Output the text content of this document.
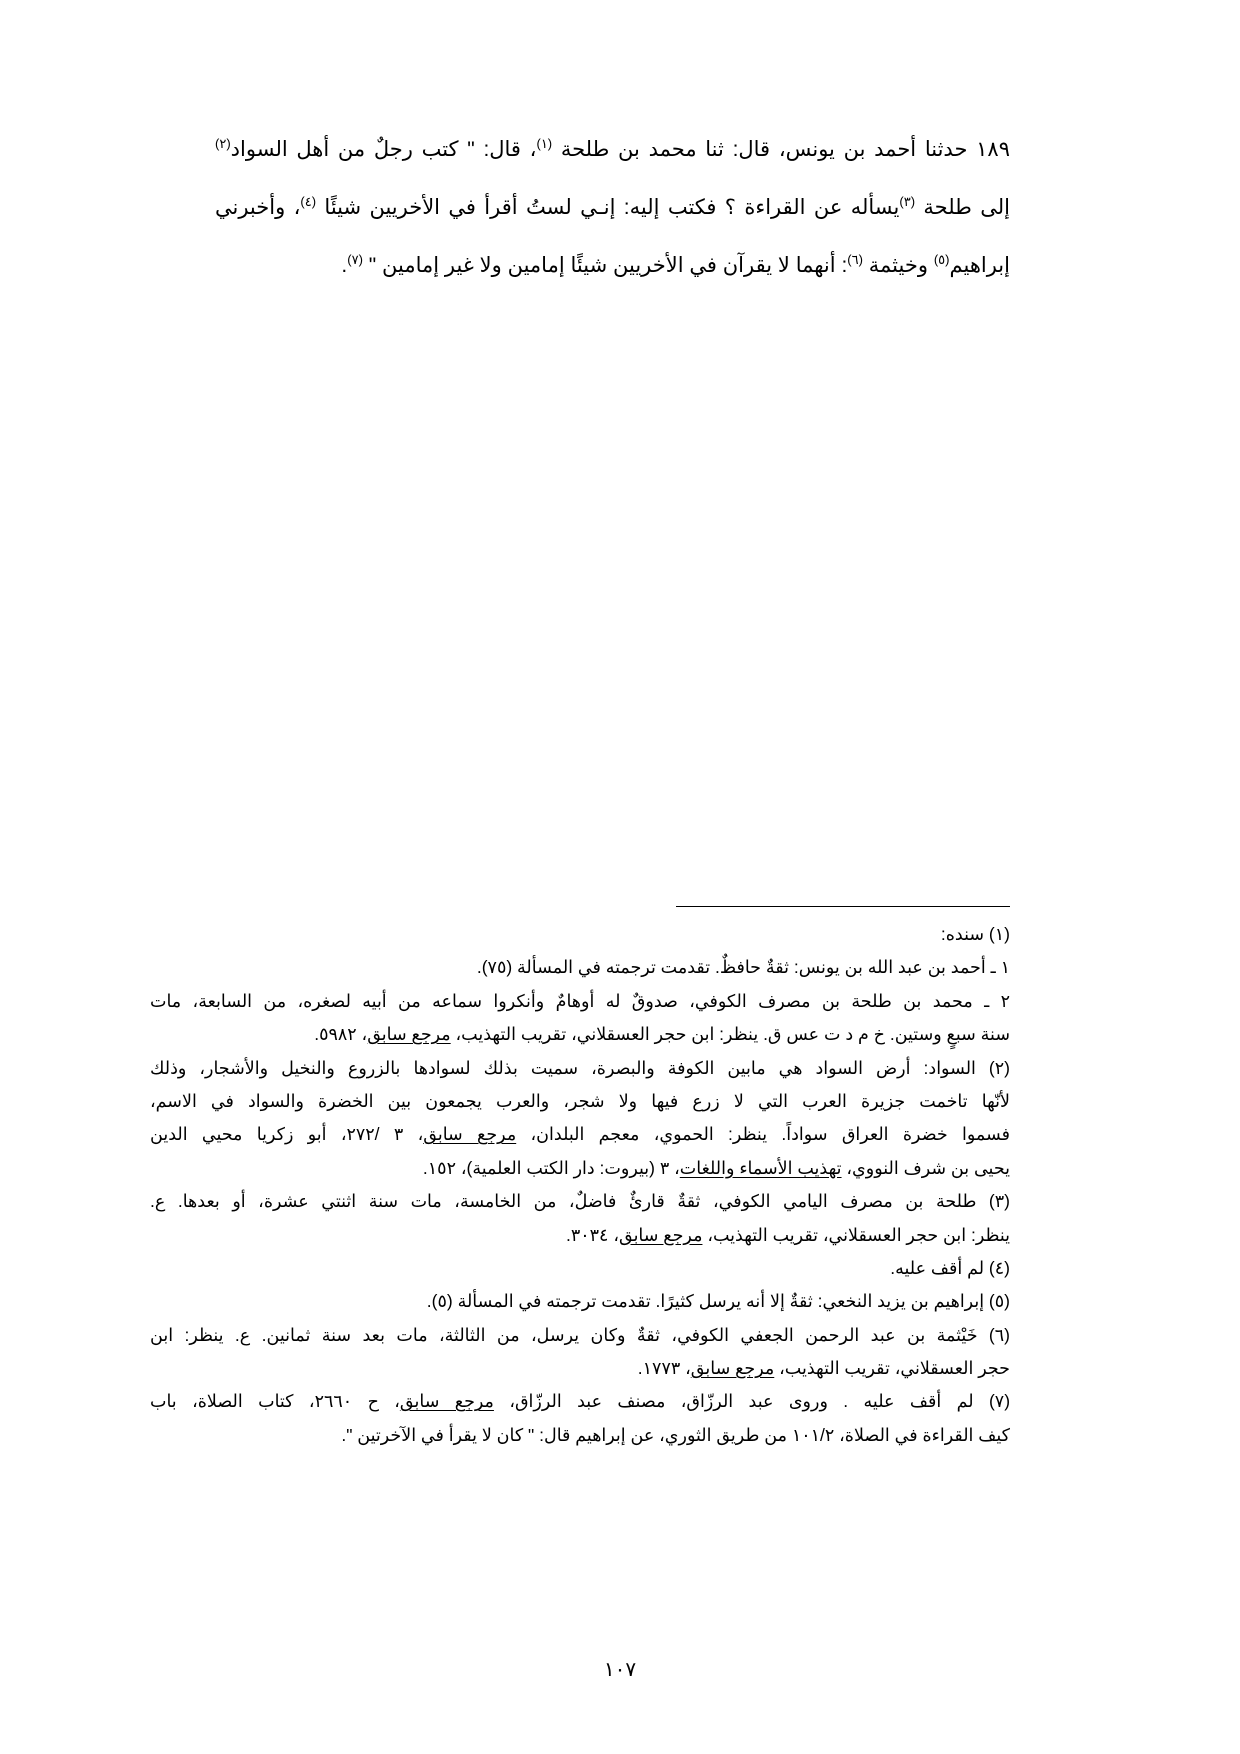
١٨٩ حدثنا أحمد بن يونس، قال: ثنا محمد بن طلحة $^{(١)}$، قال: " كتب رجلٌ من أهل السواد$^{(٢)}$
إلى طلحة $^{(٣)}$يسأله عن القراءة ؟ فكتب إليه: إنـي لستُ أقرأ في الأخريين شيئًا $^{(٤)}$، وأخبرني
إبراهيم$^{(٥)}$ وخيثمة $^{(٦)}$: أنهما لا يقرآن في الأخريين شيئًا إمامين ولا غير إمامين " $^{(٧)}$.
(١) سنده:
١ ـ أحمد بن عبد الله بن يونس: ثقةٌ حافظٌ. تقدمت ترجمته في المسألة (٧٥).
٢ ـ محمد بن طلحة بن مصرف الكوفي، صدوقٌ له أوهامٌ وأنكروا سماعه من أبيه لصغره، من السابعة، مات
سنة سبعٍ وستين. خ م د ت عس ق. ينظر: ابن حجر العسقلاني، تقريب التهذيب، مرجع سابق، ٥٩٨٢.
(٢) السواد: أرض السواد هي مابين الكوفة والبصرة، سميت بذلك لسوادها بالزروع والنخيل والأشجار، وذلك
لأنّها تاخمت جزيرة العرب التي لا زرع فيها ولا شجر، والعرب يجمعون بين الخضرة والسواد في الاسم،
فسموا خضرة العراق سواداً. ينظر: الحموي، معجم البلدان، مرجع سابق، ٣ /٢٧٢، أبو زكريا محيي الدين
يحيى بن شرف النووي، تهذيب الأسماء واللغات، ٣ (بيروت: دار الكتب العلمية)، ١٥٢.
(٣) طلحة بن مصرف اليامي الكوفي، ثقةٌ قارئٌ فاضلٌ، من الخامسة، مات سنة اثنتي عشرة، أو بعدها. ع.
ينظر: ابن حجر العسقلاني، تقريب التهذيب، مرجع سابق، ٣٠٣٤.
(٤) لم أقف عليه.
(٥) إبراهيم بن يزيد النخعي: ثقةٌ إلا أنه يرسل كثيرًا. تقدمت ترجمته في المسألة (٥).
(٦) خَيْثمة بن عبد الرحمن الجعفي الكوفي، ثقةٌ وكان يرسل، من الثالثة، مات بعد سنة ثمانين. ع. ينظر: ابن
حجر العسقلاني، تقريب التهذيب، مرجع سابق، ١٧٧٣.
(٧) لم أقف عليه . وروى عبد الرزّاق، مصنف عبد الرزّاق، مرجع سابق، ح ٢٦٦٠، كتاب الصلاة، باب
كيف القراءة في الصلاة، ١٠١/٢ من طريق الثوري، عن إبراهيم قال: " كان لا يقرأ في الآخرتين ".
١٠٧
